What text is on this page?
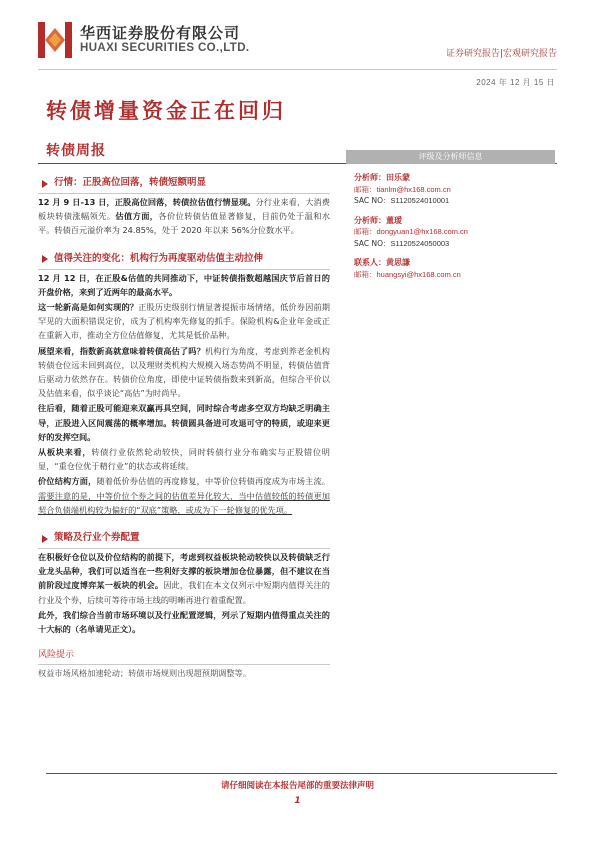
华西证券股份有限公司
HUAXI SECURITIES CO.,LTD.	证券研究报告|宏观研究报告
2024 年 12 月 15 日
转债增量资金正在回归
转债周报
行情：正股高位回落，转债短额明显
12 月 9 日-13 日，正股高位回落，转债拉估值行情显现。分行业来看，大消费板块转债涨幅领先。估值方面，各价位转债估值显著修复，目前仍处于温和水平。转债百元溢价率为 24.85%，处于 2020 年以来 56%分位数水平。
值得关注的变化：机构行为再度驱动估值主动拉伸
12 月 12 日，在正股&估值的共同推动下，中证转债指数超越国庆节后首日的开盘价格，来到了近两年的最高水平。
这一轮新高是如何实现的？正股历史级别行情显著提振市场情绪，低价券因前期罕见的大面积错误定价，成为了机构率先修复的抓手。保险机构&企业年金或正在重新入市，推动全方位估值修复，尤其是低价品种。
展望来看，指数新高就意味着转债高估了吗？机构行为角度，考虑到养老金机构转债仓位远未回到高位，以及理财类机构大规模入场态势尚不明显，转债估值背后驱动力依然存在。转债价位角度，即使中证转债指数来到新高，但综合平价以及估值来看，似乎谈论“高估”为时尚早。
往后看，随着正股可能迎来双赢再具空间，同时综合考虑多空双方均缺乏明确主导，正股进入区间震荡的概率增加。转债圆具备进可攻退可守的特质，或迎来更好的发挥空间。
从板块来看，转债行业依然轮动较快，同时转债行业分布确实与正股错位明显，“重仓位优于精行业”的状态或将延续。
价位结构方面，随着低价券估值的再度修复，中等价位转债再度成为市场主流。需要注意的是，中等价位个券之间的估值差异化较大，当中估值较低的转债更加契合负债端机构较为偏好的“双底”策略，或成为下一轮修复的优先项。
策略及行业个券配置
在积极好仓位以及价位结构的前提下，考虑到权益板块轮动较快以及转债缺乏行业龙头品种，我们可以适当在一些利好支撑的板块增加仓位暴露，但不建议在当前阶段过度博弈某一板块的机会。因此，我们在本文仅列示中短期内值得关注的行业及个券，后续可等待市场主线的明晰再进行着重配置。
此外，我们综合当前市场环境以及行业配置逻辑，列示了短期内值得重点关注的十大标的（名单请见正文）。
风险提示
权益市场风格加速轮动；转债市场规则出现超预期调整等。
评级及分析师信息
分析师：田乐蒙
邮箱：tianlm@hx168.com.cn
SAC NO：S1120524010001
分析师：董瑷
邮箱：dongyuan1@hx168.com.cn
SAC NO：S1120524050003
联系人：黄思謙
邮箱：huangsyi@hx168.com.cn
请仔细阅读在本报告尾部的重要法律声明
1
